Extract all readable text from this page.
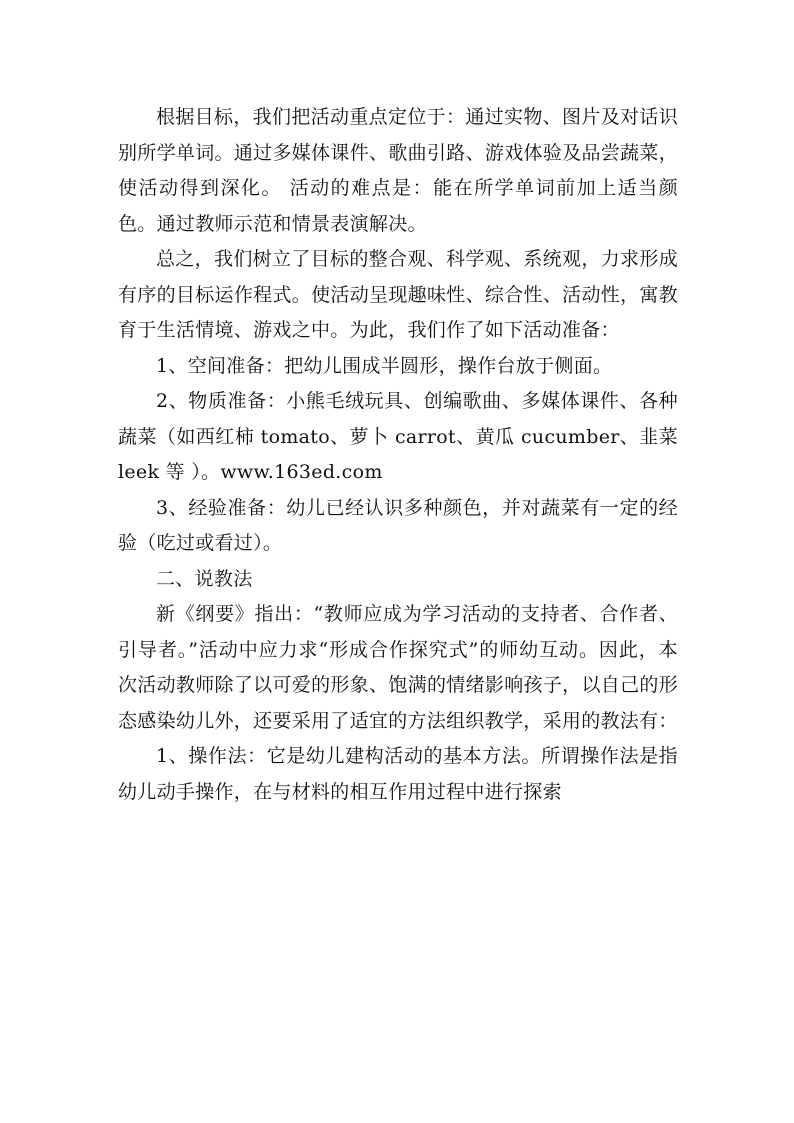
根据目标，我们把活动重点定位于：通过实物、图片及对话识别所学单词。通过多媒体课件、歌曲引路、游戏体验及品尝蔬菜，使活动得到深化。 活动的难点是：能在所学单词前加上适当颜色。通过教师示范和情景表演解决。

总之，我们树立了目标的整合观、科学观、系统观，力求形成有序的目标运作程式。使活动呈现趣味性、综合性、活动性，寓教育于生活情境、游戏之中。为此，我们作了如下活动准备：

1、空间准备：把幼儿围成半圆形，操作台放于侧面。

2、物质准备：小熊毛绒玩具、创编歌曲、多媒体课件、各种蔬菜（如西红柿 tomato、萝卜 carrot、黄瓜 cucumber、韭菜 leek 等 ）。www.163ed.com

3、经验准备：幼儿已经认识多种颜色，并对蔬菜有一定的经验（吃过或看过）。

二、说教法

新《纲要》指出：“教师应成为学习活动的支持者、合作者、引导者。”活动中应力求“形成合作探究式”的师幼互动。因此，本次活动教师除了以可爱的形象、饱满的情绪影响孩子，以自己的形态感染幼儿外，还要采用了适宜的方法组织教学，采用的教法有：

1、操作法：它是幼儿建构活动的基本方法。所谓操作法是指幼儿动手操作，在与材料的相互作用过程中进行探索
